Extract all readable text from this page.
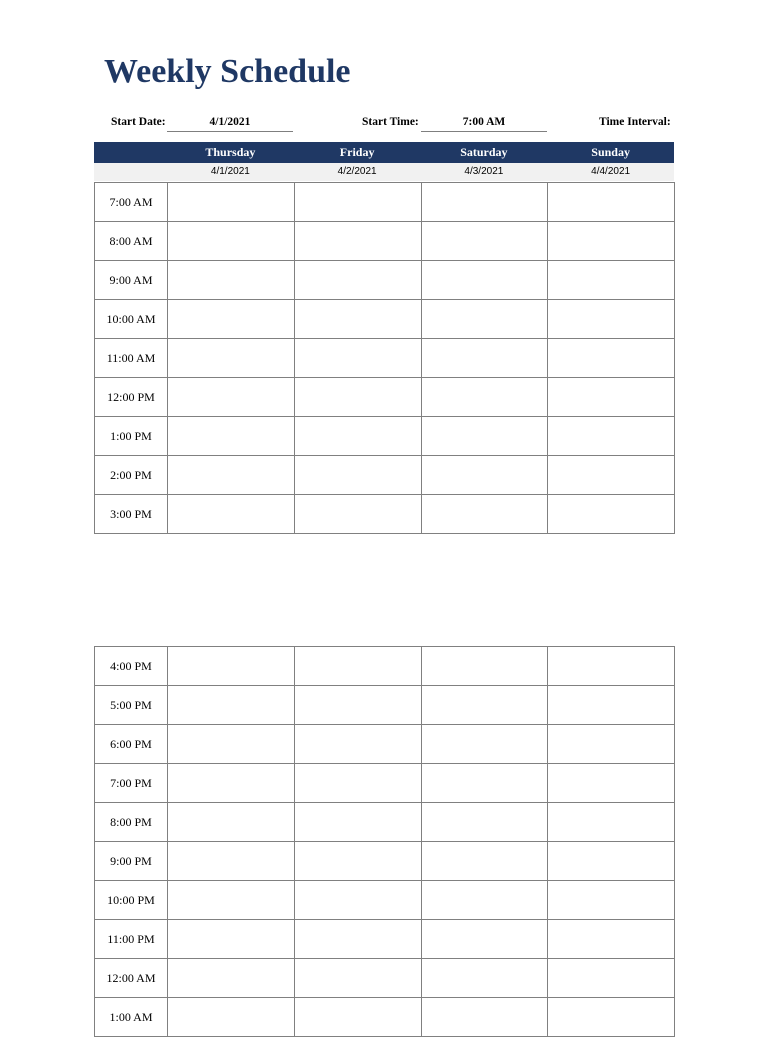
Weekly Schedule
Start Date:	4/1/2021	Start Time:	7:00 AM	Time Interval:
Thursday	Friday	Saturday	Sunday
4/1/2021	4/2/2021	4/3/2021	4/4/2021
7:00 AM				
8:00 AM				
9:00 AM				
10:00 AM				
11:00 AM				
12:00 PM				
1:00 PM				
2:00 PM				
3:00 PM				
4:00 PM				
5:00 PM				
6:00 PM				
7:00 PM				
8:00 PM				
9:00 PM				
10:00 PM				
11:00 PM				
12:00 AM				
1:00 AM				
